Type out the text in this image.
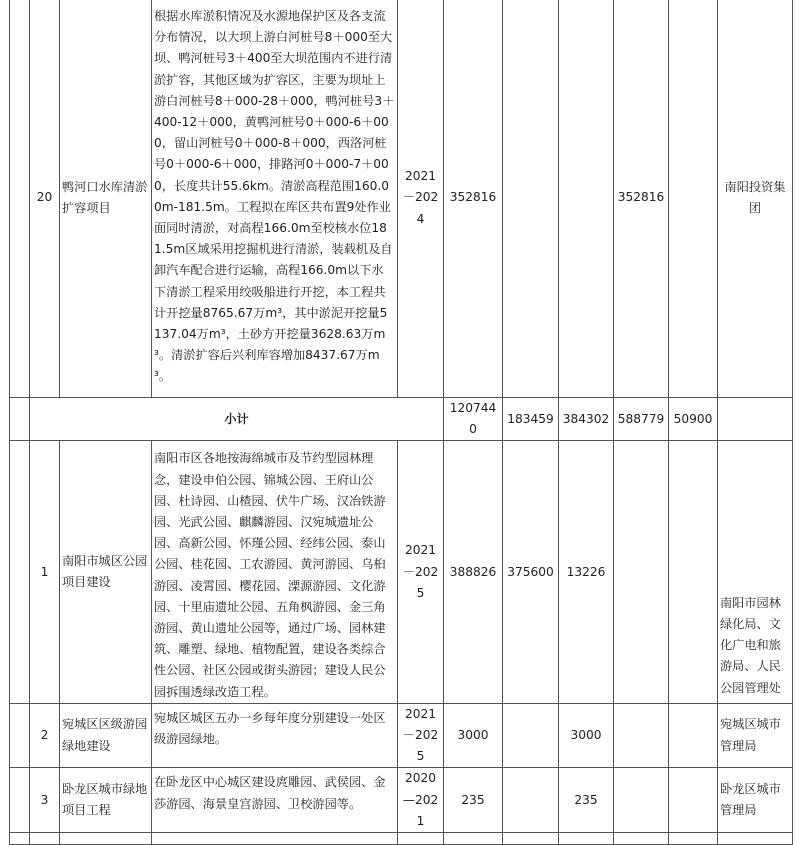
	20	鸭河口水库清淤扩容项目	根据水库淤积情况及水源地保护区及各支流分布情况，以大坝上游白河桩号8＋000至大坝、鸭河桩号3＋400至大坝范围内不进行清淤扩容，其他区域为扩容区，主要为坝址上游白河桩号8＋000-28＋000，鸭河桩号3＋400-12＋000，黄鸭河桩号0＋000-6＋000，留山河桩号0＋000-8＋000，西洛河桩号0＋000-6＋000，排路河0＋000-7＋000，长度共计55.6km。清淤高程范围160.00m-181.5m。工程拟在库区共布置9处作业面同时清淤，对高程166.0m至校核水位181.5m区域采用挖掘机进行清淤，装载机及自卸汽车配合进行运输，高程166.0m以下水下清淤工程采用绞吸船进行开挖，本工程共计开挖量8765.67万m³，其中淤泥开挖量5137.04万m³，土砂方开挖量3628.63万m³。清淤扩容后兴利库容增加8437.67万m³。	2021－2024	352816			352816		南阳投资集团
	小计				1207440	183459	384302	588779	50900	
	1	南阳市城区公园项目建设	南阳市区各地按海绵城市及节约型园林理念，建设申伯公园、锦城公园、王府山公园、杜诗园、山楂园、伏牛广场、汉冶铁游园、光武公园、麒麟游园、汉宛城遗址公园、高新公园、怀瑾公园、经纬公园、泰山公园、桂花园、工农游园、黄河游园、乌桕游园、凌霄园、樱花园、溧源游园、文化游园、十里庙遗址公园、五角枫游园、金三角游园、黄山遗址公园等，通过广场、园林建筑、雕塑、绿地、植物配置，建设各类综合性公园、社区公园或街头游园；建设人民公园拆围透绿改造工程。	2021－2025	388826	375600	13226			南阳市园林绿化局、文化广电和旅游局、人民公园管理处
	2	宛城区区级游园绿地建设	宛城区城区五办一乡每年度分别建设一处区级游园绿地。	2021－2025	3000		3000			宛城区城市管理局
	3	卧龙区城市绿地项目工程	在卧龙区中心城区建设庹雕园、武侯园、金莎游园、海景皇宫游园、卫校游园等。	2020—2021	235		235			卧龙区城市管理局
